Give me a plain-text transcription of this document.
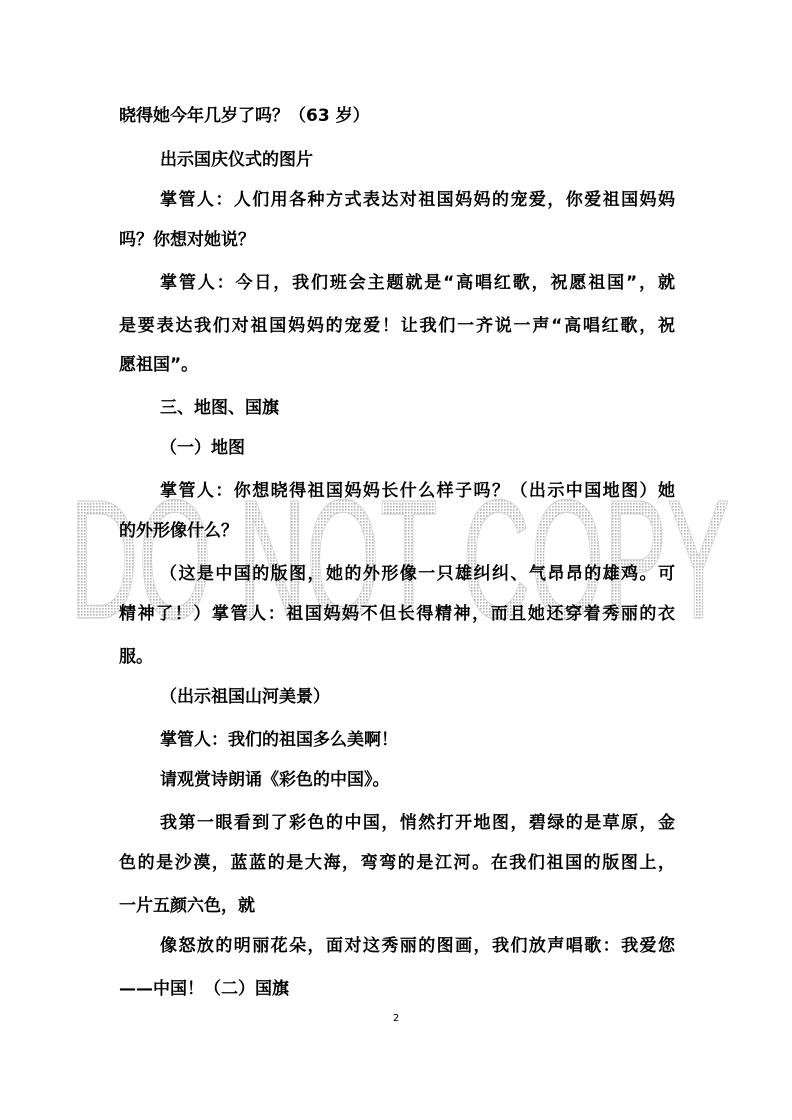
DO NOT COPY
晓得她今年几岁了吗？（63 岁）
出示国庆仪式的图片
掌管人：人们用各种方式表达对祖国妈妈的宠爱，你爱祖国妈妈
吗？你想对她说？
掌管人：今日，我们班会主题就是“高唱红歌，祝愿祖国”，就
是要表达我们对祖国妈妈的宠爱！让我们一齐说一声“高唱红歌，祝
愿祖国”。
三、地图、国旗
（一）地图
掌管人：你想晓得祖国妈妈长什么样子吗？（出示中国地图）她
的外形像什么？
（这是中国的版图，她的外形像一只雄纠纠、气昂昂的雄鸡。可
精神了！）掌管人：祖国妈妈不但长得精神，而且她还穿着秀丽的衣
服。
（出示祖国山河美景）
掌管人：我们的祖国多么美啊！
请观赏诗朗诵《彩色的中国》。
我第一眼看到了彩色的中国，悄然打开地图，碧绿的是草原，金
色的是沙漠，蓝蓝的是大海，弯弯的是江河。在我们祖国的版图上，
一片五颜六色，就
像怒放的明丽花朵，面对这秀丽的图画，我们放声唱歌：我爱您
——中国！（二）国旗
2
